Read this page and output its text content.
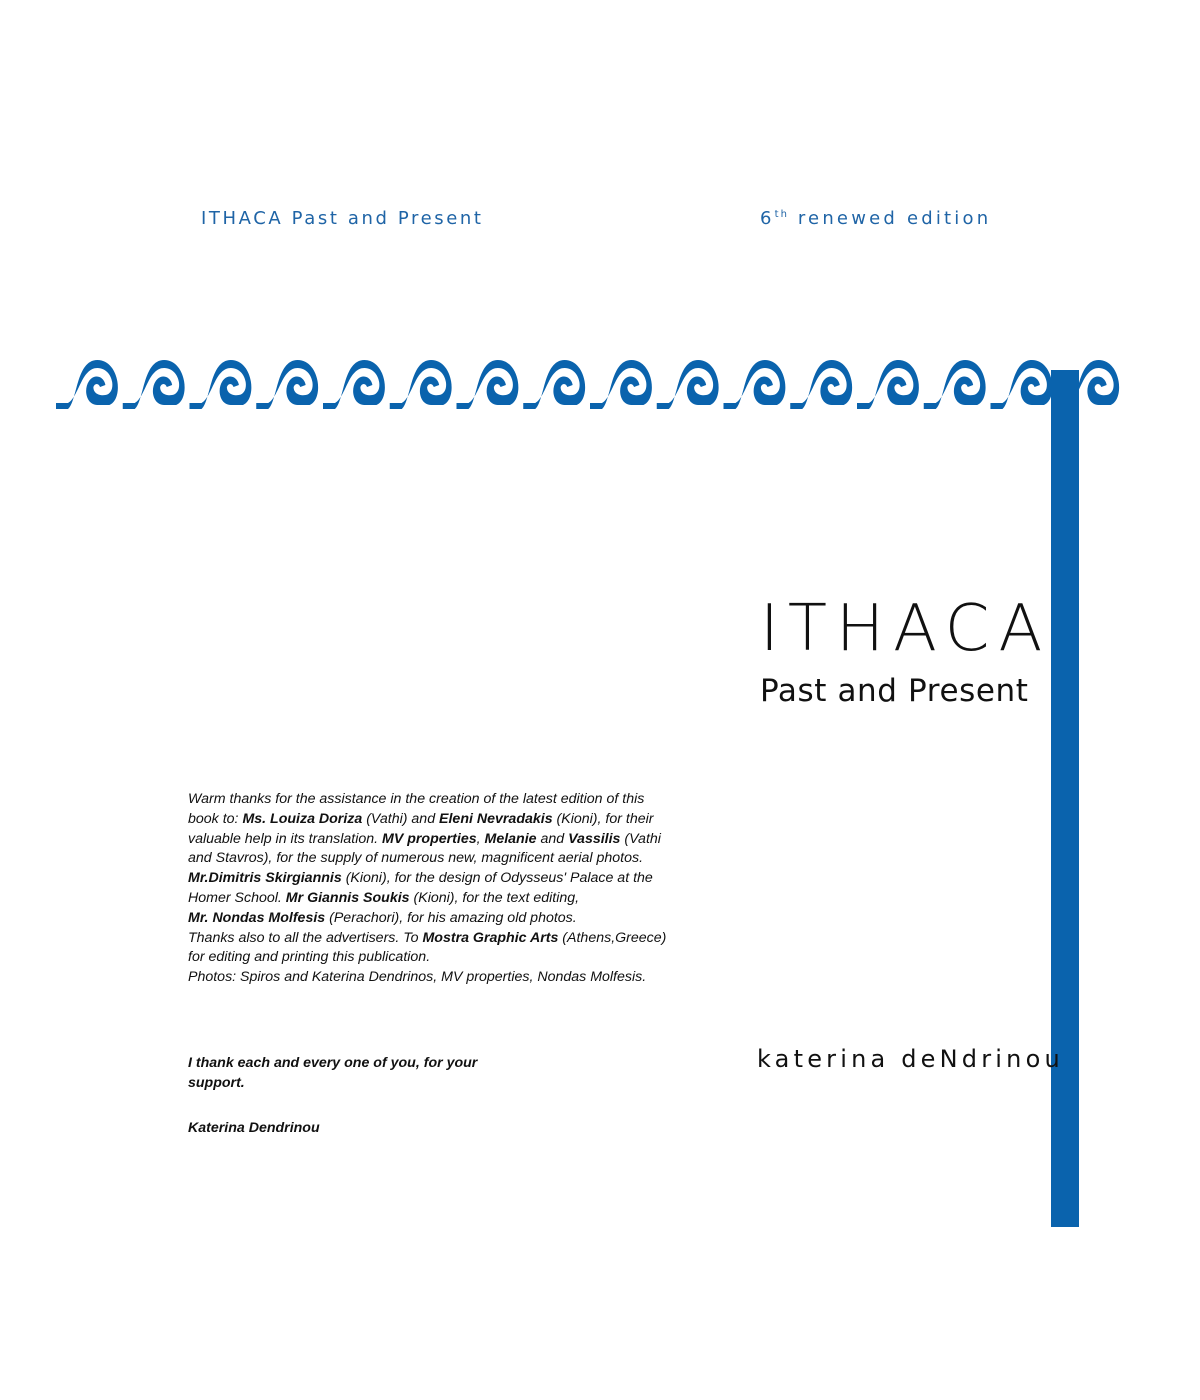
ITHACA Past and Present	6th renewed edition
ITHACA
Past and Present
katerina deNdrinou
Warm thanks for the assistance in the creation of the latest edition of this
book to: Ms. Louiza Doriza (Vathi) and Eleni Nevradakis (Kioni), for their
valuable help in its translation. MV properties, Melanie and Vassilis (Vathi
and Stavros), for the supply of numerous new, magnificent aerial photos.
Mr.Dimitris Skirgiannis (Kioni), for the design of Odysseus' Palace at the
Homer School. Mr Giannis Soukis (Kioni), for the text editing,
Mr. Nondas Molfesis (Perachori), for his amazing old photos.
Thanks also to all the advertisers. To Mostra Graphic Arts (Athens,Greece)
for editing and printing this publication.
Photos: Spiros and Katerina Dendrinos, MV properties, Nondas Molfesis.
I thank each and every one of you, for your support.
Katerina Dendrinou
